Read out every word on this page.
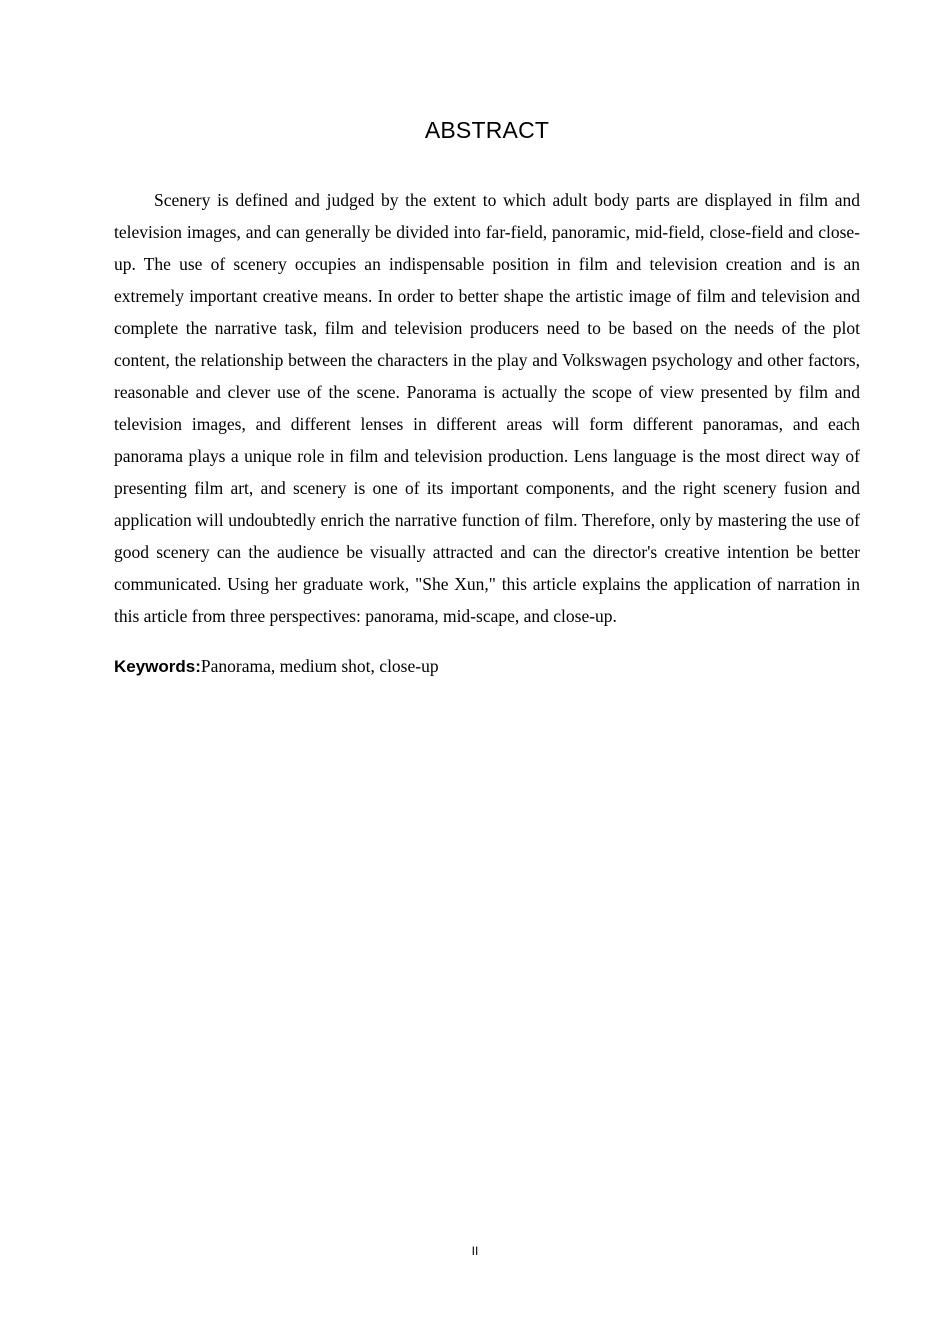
ABSTRACT

Scenery is defined and judged by the extent to which adult body parts are displayed in film and television images, and can generally be divided into far-field, panoramic, mid-field, close-field and close-up. The use of scenery occupies an indispensable position in film and television creation and is an extremely important creative means. In order to better shape the artistic image of film and television and complete the narrative task, film and television producers need to be based on the needs of the plot content, the relationship between the characters in the play and Volkswagen psychology and other factors, reasonable and clever use of the scene. Panorama is actually the scope of view presented by film and television images, and different lenses in different areas will form different panoramas, and each panorama plays a unique role in film and television production. Lens language is the most direct way of presenting film art, and scenery is one of its important components, and the right scenery fusion and application will undoubtedly enrich the narrative function of film. Therefore, only by mastering the use of good scenery can the audience be visually attracted and can the director's creative intention be better communicated. Using her graduate work, "She Xun," this article explains the application of narration in this article from three perspectives: panorama, mid-scape, and close-up.

Keywords:Panorama, medium shot, close-up

II
